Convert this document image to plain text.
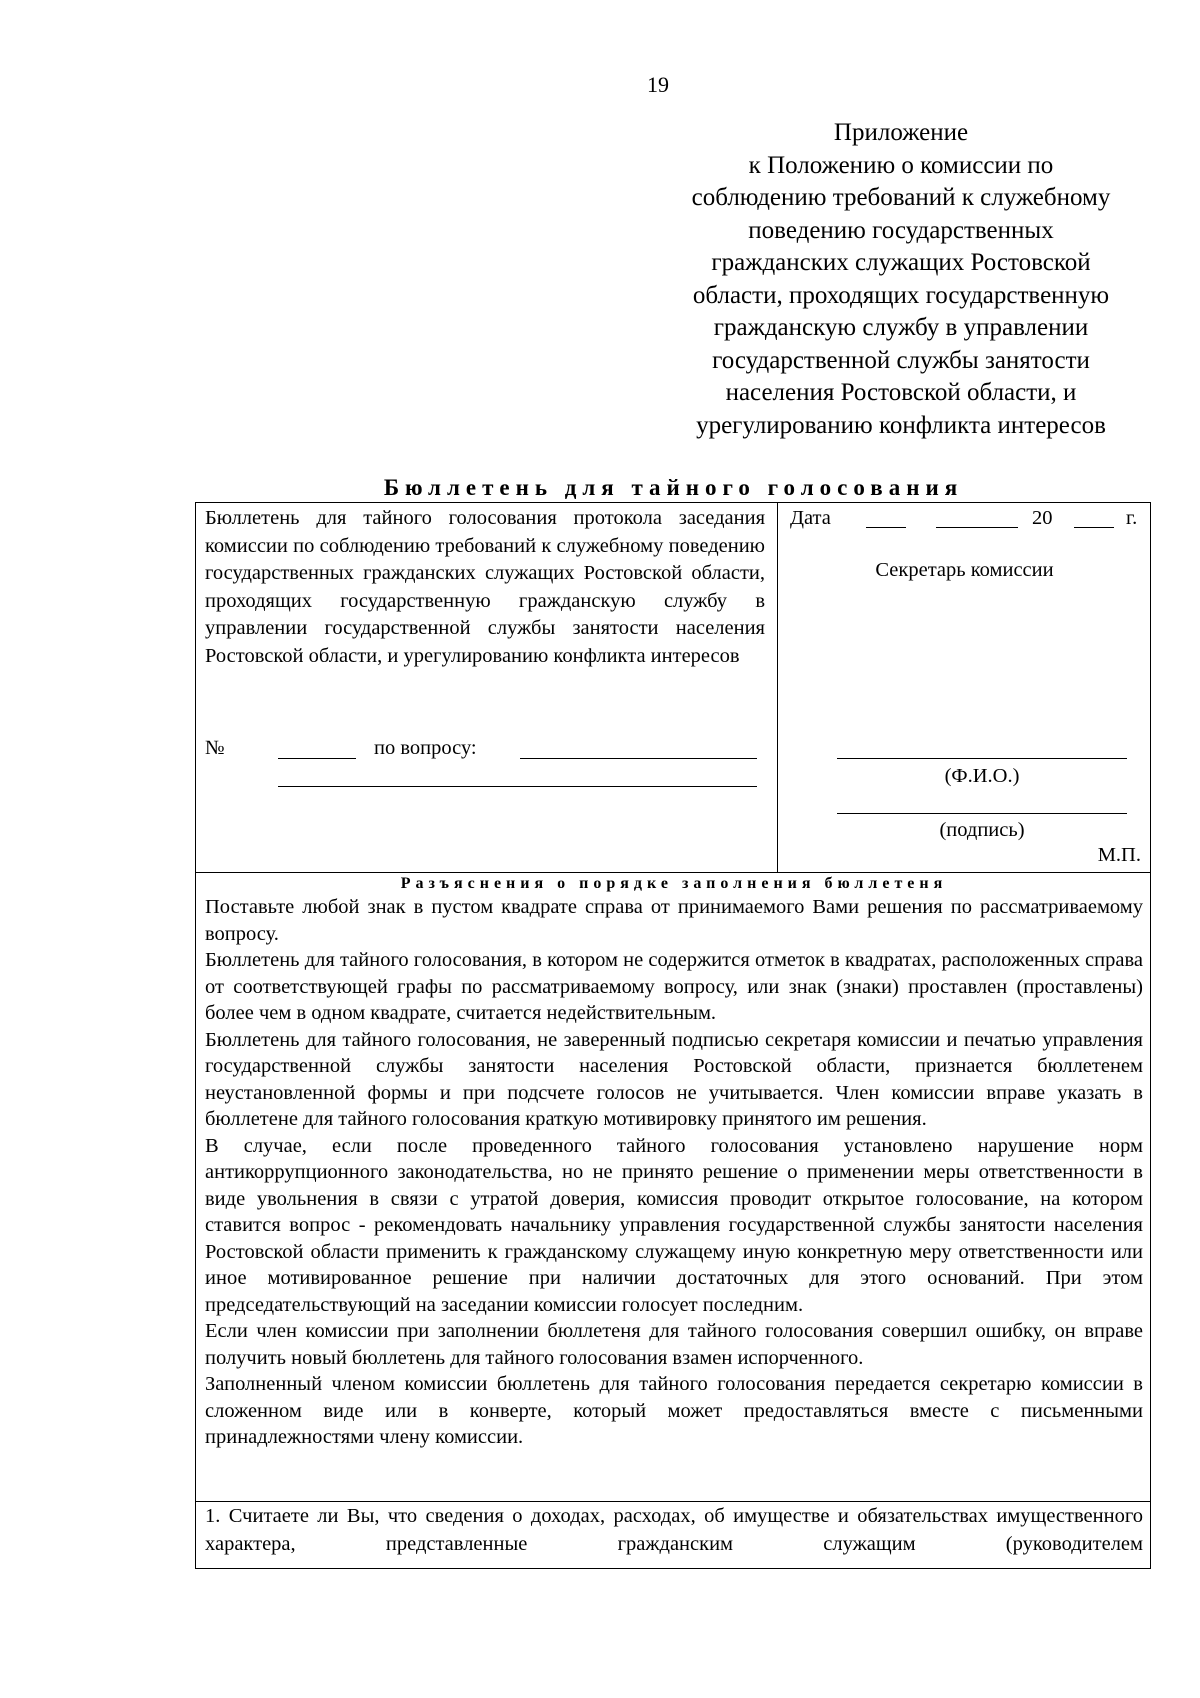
19
Приложение
к Положению о комиссии по
соблюдению требований к служебному
поведению государственных
гражданских служащих Ростовской
области, проходящих государственную
гражданскую службу в управлении
государственной службы занятости
населения Ростовской области, и
урегулированию конфликта интересов
Бюллетень для тайного голосования
Бюллетень для тайного голосования протокола заседания комиссии по соблюдению требований к служебному поведению государственных гражданских служащих Ростовской области, проходящих государственную гражданскую службу в управлении государственной службы занятости населения Ростовской области, и урегулированию конфликта интересов
№	по вопросу:
Дата	20	г.
Секретарь комиссии
(Ф.И.О.)
(подпись)
М.П.
Разъяснения о порядке заполнения бюллетеня

Поставьте любой знак в пустом квадрате справа от принимаемого Вами решения по рассматриваемому вопросу.

Бюллетень для тайного голосования, в котором не содержится отметок в квадратах, расположенных справа от соответствующей графы по рассматриваемому вопросу, или знак (знаки) проставлен (проставлены) более чем в одном квадрате, считается недействительным.

Бюллетень для тайного голосования, не заверенный подписью секретаря комиссии и печатью управления государственной службы занятости населения Ростовской области, признается бюллетенем неустановленной формы и при подсчете голосов не учитывается. Член комиссии вправе указать в бюллетене для тайного голосования краткую мотивировку принятого им решения.

В случае, если после проведенного тайного голосования установлено нарушение норм антикоррупционного законодательства, но не принято решение о применении меры ответственности в виде увольнения в связи с утратой доверия, комиссия проводит открытое голосование, на котором ставится вопрос - рекомендовать начальнику управления государственной службы занятости населения Ростовской области применить к гражданскому служащему иную конкретную меру ответственности или иное мотивированное решение при наличии достаточных для этого оснований. При этом председательствующий на заседании комиссии голосует последним.

Если член комиссии при заполнении бюллетеня для тайного голосования совершил ошибку, он вправе получить новый бюллетень для тайного голосования взамен испорченного.

Заполненный членом комиссии бюллетень для тайного голосования передается секретарю комиссии в сложенном виде или в конверте, который может предоставляться вместе с письменными принадлежностями члену комиссии.

1. Считаете ли Вы, что сведения о доходах, расходах, об имуществе и обязательствах имущественного характера, представленные гражданским служащим (руководителем
